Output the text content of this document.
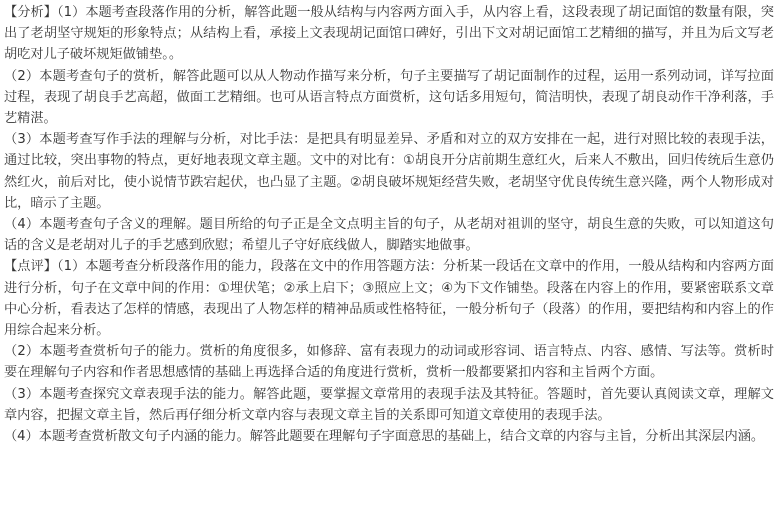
【分析】（1）本题考查段落作用的分析，解答此题一般从结构与内容两方面入手，从内容上看，这段表现了胡记面馆的数量有限，突出了老胡坚守规矩的形象特点；从结构上看，承接上文表现胡记面馆口碑好，引出下文对胡记面馆工艺精细的描写，并且为后文写老胡吃对儿子破坏规矩做铺垫。。

（2）本题考查句子的赏析，解答此题可以从人物动作描写来分析，句子主要描写了胡记面制作的过程，运用一系列动词，详写拉面过程，表现了胡良手艺高超，做面工艺精细。也可从语言特点方面赏析，这句话多用短句，简洁明快，表现了胡良动作干净利落，手艺精湛。

（3）本题考查写作手法的理解与分析，对比手法：是把具有明显差异、矛盾和对立的双方安排在一起，进行对照比较的表现手法，通过比较，突出事物的特点，更好地表现文章主题。文中的对比有：①胡良开分店前期生意红火，后来人不敷出，回归传统后生意仍然红火，前后对比，使小说情节跌宕起伏，也凸显了主题。②胡良破坏规矩经营失败，老胡坚守优良传统生意兴隆，两个人物形成对比，暗示了主题。

（4）本题考查句子含义的理解。题目所给的句子正是全文点明主旨的句子，从老胡对祖训的坚守，胡良生意的失败，可以知道这句话的含义是老胡对儿子的手艺感到欣慰；希望儿子守好底线做人，脚踏实地做事。

【点评】（1）本题考查分析段落作用的能力，段落在文中的作用答题方法：分析某一段话在文章中的作用，一般从结构和内容两方面进行分析，句子在文章中间的作用：①埋伏笔；②承上启下；③照应上文；④为下文作铺垫。段落在内容上的作用，要紧密联系文章中心分析，看表达了怎样的情感，表现出了人物怎样的精神品质或性格特征，一般分析句子（段落）的作用，要把结构和内容上的作用综合起来分析。

（2）本题考查赏析句子的能力。赏析的角度很多，如修辞、富有表现力的动词或形容词、语言特点、内容、感情、写法等。赏析时要在理解句子内容和作者思想感情的基础上再选择合适的角度进行赏析，赏析一般都要紧扣内容和主旨两个方面。

（3）本题考查探究文章表现手法的能力。解答此题，要掌握文章常用的表现手法及其特征。答题时，首先要认真阅读文章，理解文章内容，把握文章主旨，然后再仔细分析文章内容与表现文章主旨的关系即可知道文章使用的表现手法。

（4）本题考查赏析散文句子内涵的能力。解答此题要在理解句子字面意思的基础上，结合文章的内容与主旨，分析出其深层内涵。
